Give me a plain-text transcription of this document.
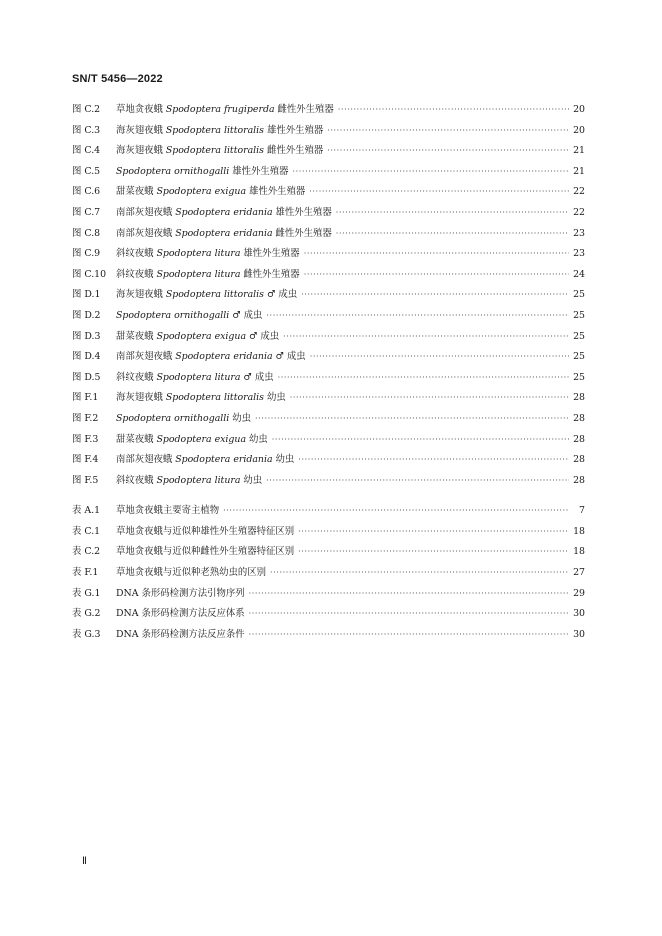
SN/T 5456—2022
图 C.2	草地贪夜蛾 Spodoptera frugiperda 雌性外生殖器 ·····	20
图 C.3	海灰翅夜蛾 Spodoptera littoralis 雄性外生殖器 ·····	20
图 C.4	海灰翅夜蛾 Spodoptera littoralis 雌性外生殖器 ·····	21
图 C.5	Spodoptera ornithogalli 雄性外生殖器 ·····	21
图 C.6	甜菜夜蛾 Spodoptera exigua 雄性外生殖器 ·····	22
图 C.7	南部灰翅夜蛾 Spodoptera eridania 雄性外生殖器 ·····	22
图 C.8	南部灰翅夜蛾 Spodoptera eridania 雌性外生殖器 ·····	23
图 C.9	斜纹夜蛾 Spodoptera litura 雄性外生殖器 ·····	23
图 C.10	斜纹夜蛾 Spodoptera litura 雌性外生殖器 ·····	24
图 D.1	海灰翅夜蛾 Spodoptera littoralis ♂ 成虫 ·····	25
图 D.2	Spodoptera ornithogalli ♂ 成虫 ·····	25
图 D.3	甜菜夜蛾 Spodoptera exigua ♂ 成虫 ·····	25
图 D.4	南部灰翅夜蛾 Spodoptera eridania ♂ 成虫 ·····	25
图 D.5	斜纹夜蛾 Spodoptera litura ♂ 成虫 ·····	25
图 F.1	海灰翅夜蛾 Spodoptera littoralis 幼虫 ·····	28
图 F.2	Spodoptera ornithogalli 幼虫 ·····	28
图 F.3	甜菜夜蛾 Spodoptera exigua 幼虫 ·····	28
图 F.4	南部灰翅夜蛾 Spodoptera eridania 幼虫 ·····	28
图 F.5	斜纹夜蛾 Spodoptera litura 幼虫 ·····	28
表 A.1	草地贪夜蛾主要寄主植物 ·····	7
表 C.1	草地贪夜蛾与近似种雄性外生殖器特征区别 ·····	18
表 C.2	草地贪夜蛾与近似种雌性外生殖器特征区别 ·····	18
表 F.1	草地贪夜蛾与近似种老熟幼虫的区别 ·····	27
表 G.1	DNA 条形码检测方法引物序列 ·····	29
表 G.2	DNA 条形码检测方法反应体系 ·····	30
表 G.3	DNA 条形码检测方法反应条件 ·····	30
Ⅱ
